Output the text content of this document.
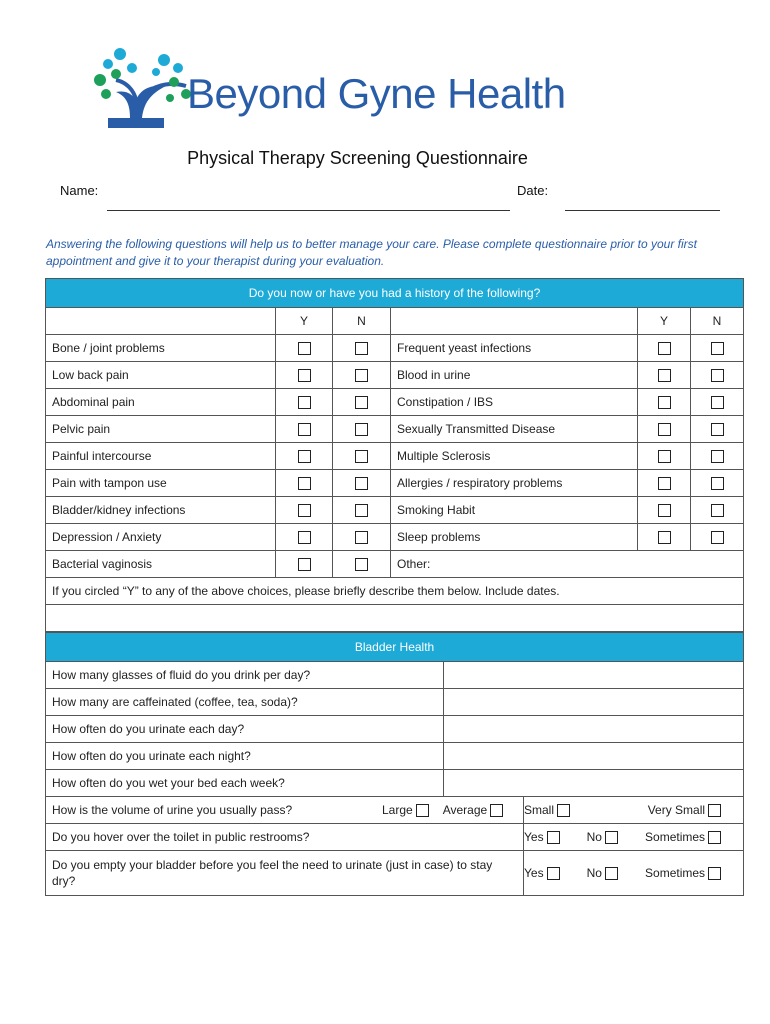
Beyond Gyne Health
Physical Therapy Screening Questionnaire
Name:	Date:
Answering the following questions will help us to better manage your care. Please complete questionnaire prior to your first appointment and give it to your therapist during your evaluation.
Do you now or have you had a history of the following?					
	Y	N		Y	N
Bone / joint problems			Frequent yeast infections		
Low back pain			Blood in urine		
Abdominal pain			Constipation / IBS		
Pelvic pain			Sexually Transmitted Disease		
Painful intercourse			Multiple Sclerosis		
Pain with tampon use			Allergies / respiratory problems		
Bladder/kidney infections			Smoking Habit		
Depression / Anxiety			Sleep problems		
Bacterial vaginosis			Other:		
If you circled “Y” to any of the above choices, please briefly describe them below. Include dates.					

Bladder Health		
How many glasses of fluid do you drink per day?		
How many are caffeinated (coffee, tea, soda)?		
How often do you urinate each day?		
How often do you urinate each night?		
How often do you wet your bed each week?		

How is the volume of urine you usually pass? Large Average		Small Very Small

Do you hover over the toilet in public restrooms?		Yes No Sometimes

Do you empty your bladder before you feel the need to urinate (just in case) to stay dry?		Yes No Sometimes
